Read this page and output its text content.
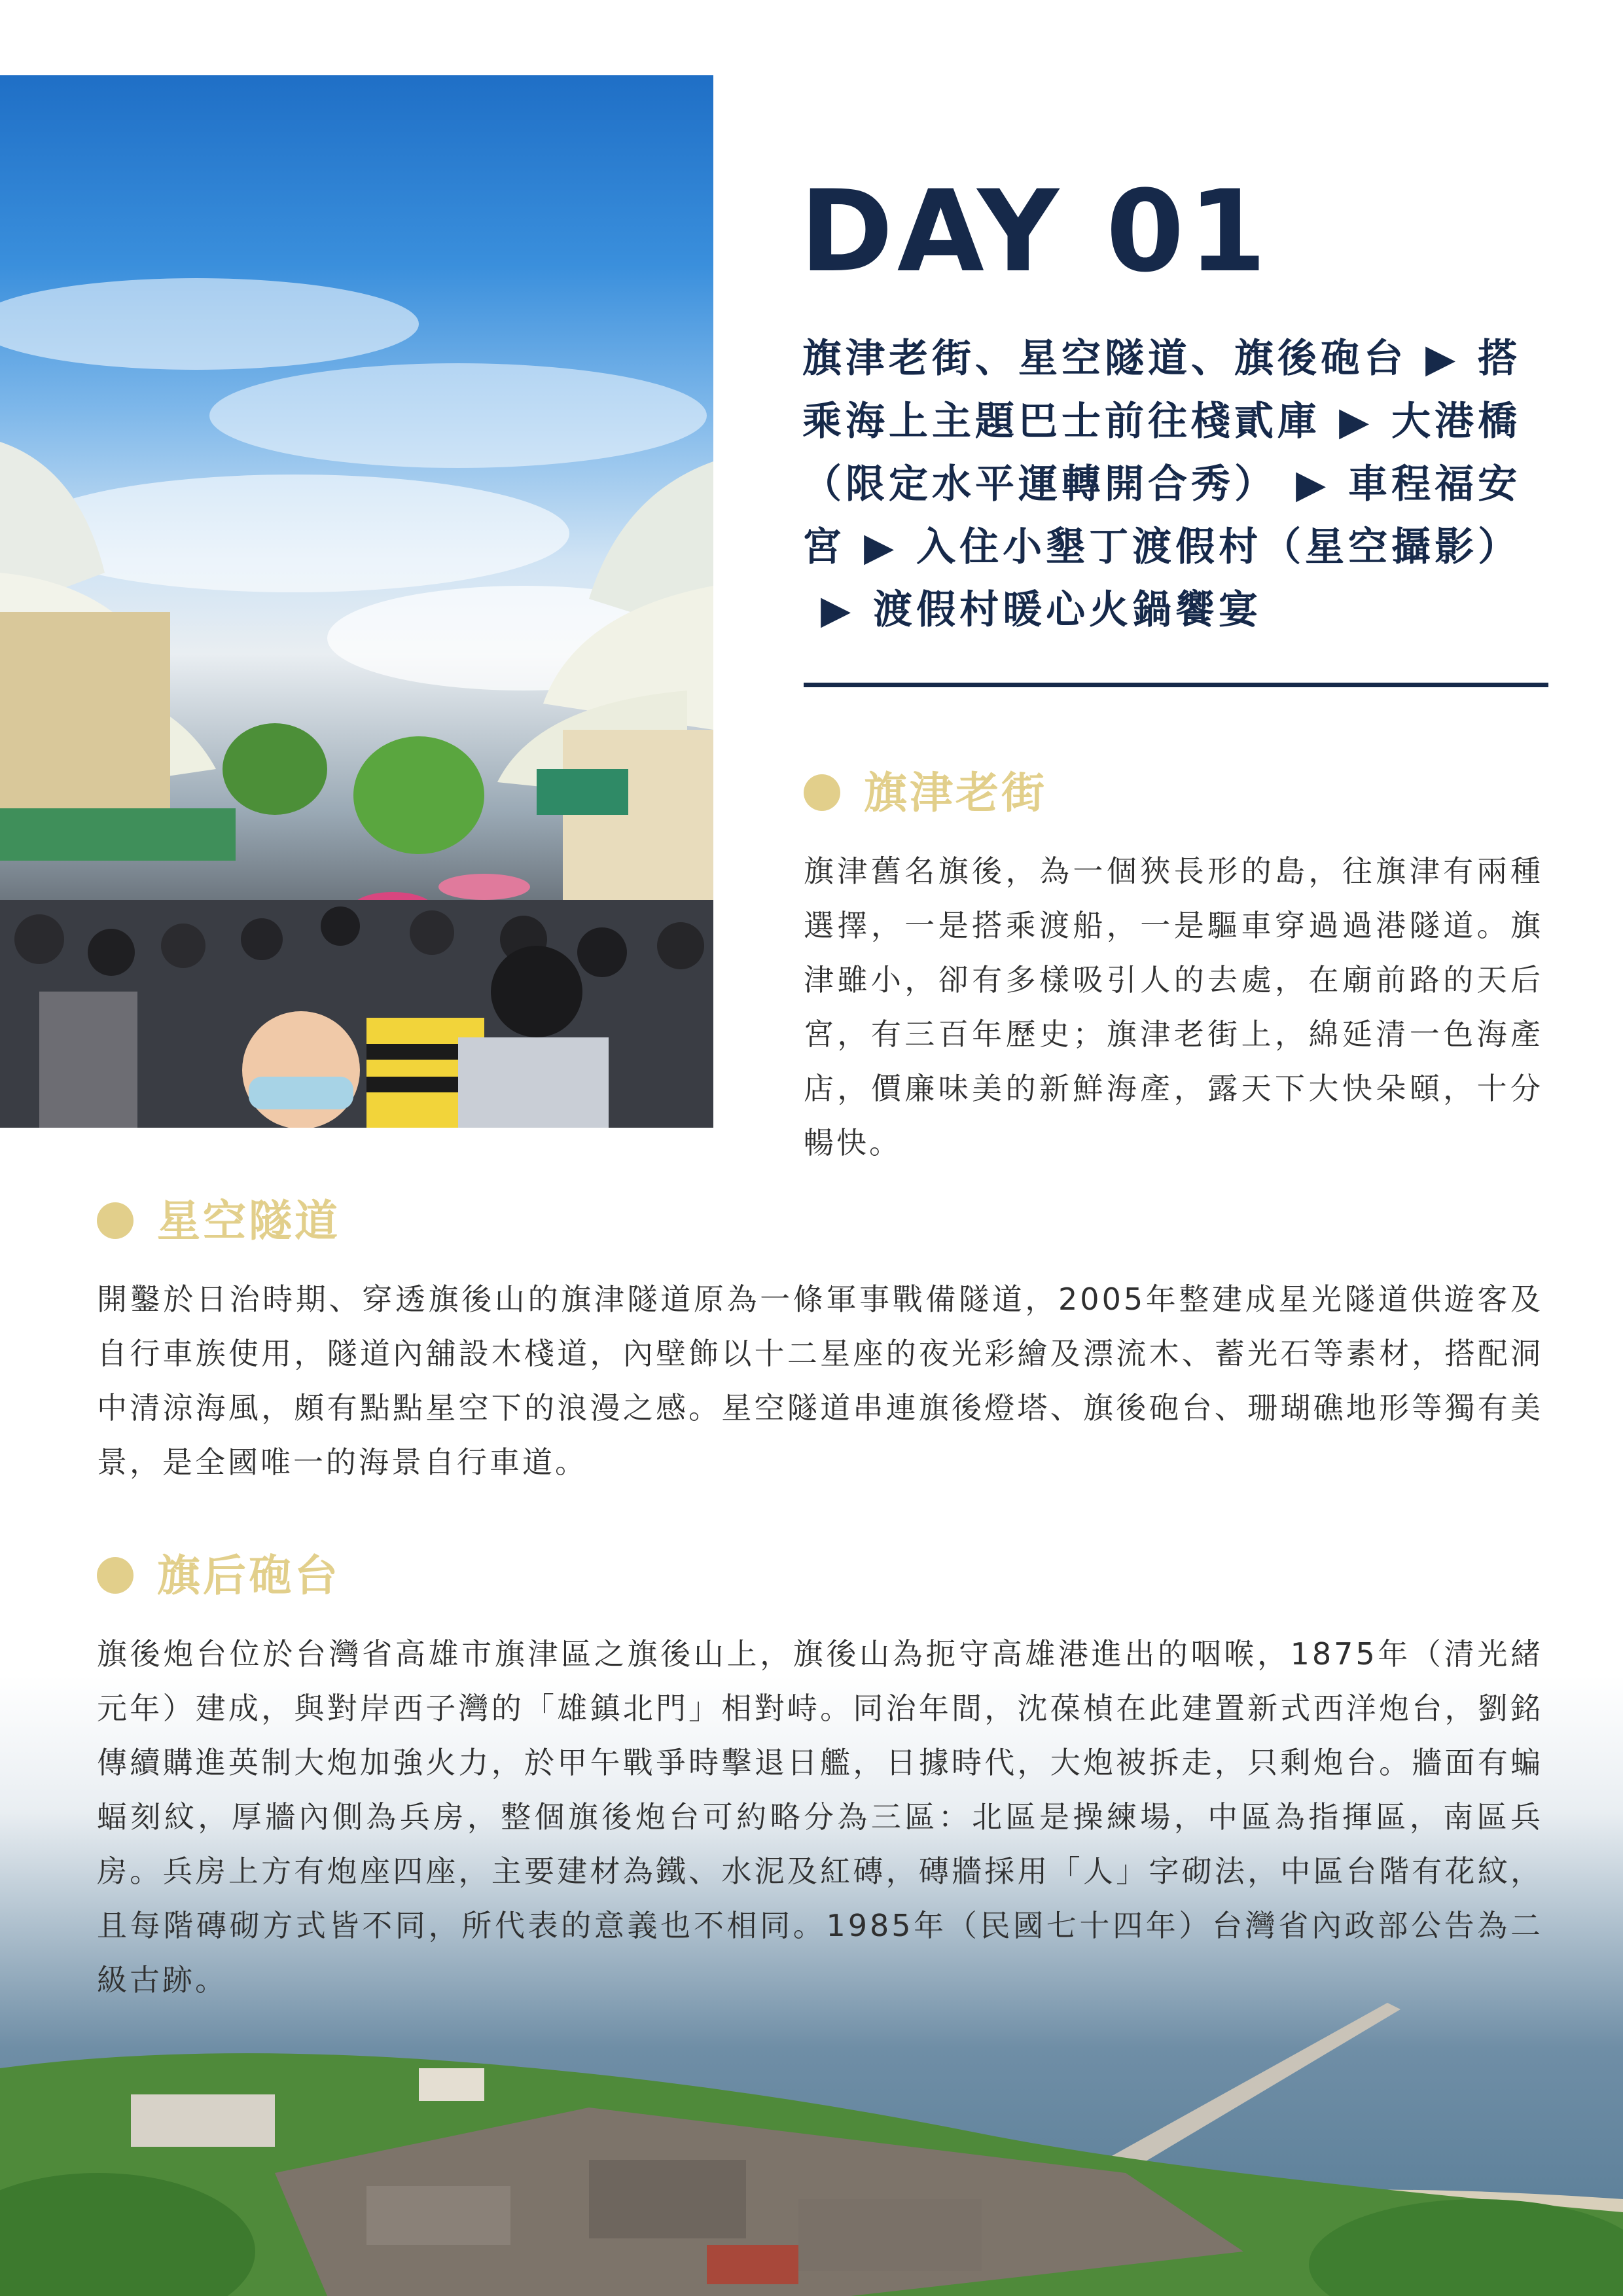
DAY 01

旗津老街、星空隧道、旗後砲台 ▶ 搭乘海上主題巴士前往棧貳庫 ▶ 大港橋（限定水平運轉開合秀） ▶ 車程福安宮 ▶ 入住小墾丁渡假村（星空攝影）▶ 渡假村暖心火鍋饗宴

旗津老街

旗津舊名旗後，為一個狹長形的島，往旗津有兩種選擇，一是搭乘渡船，一是驅車穿過過港隧道。旗津雖小，卻有多樣吸引人的去處，在廟前路的天后宮，有三百年歷史；旗津老街上，綿延清一色海產店，價廉味美的新鮮海產，露天下大快朵頤，十分暢快。

星空隧道

開鑿於日治時期、穿透旗後山的旗津隧道原為一條軍事戰備隧道，2005年整建成星光隧道供遊客及自行車族使用，隧道內舖設木棧道，內壁飾以十二星座的夜光彩繪及漂流木、蓄光石等素材，搭配洞中清涼海風，頗有點點星空下的浪漫之感。星空隧道串連旗後燈塔、旗後砲台、珊瑚礁地形等獨有美景，是全國唯一的海景自行車道。

旗后砲台

旗後炮台位於台灣省高雄市旗津區之旗後山上，旗後山為扼守高雄港進出的咽喉，1875年（清光緒元年）建成，與對岸西子灣的「雄鎮北門」相對峙。同治年間，沈葆楨在此建置新式西洋炮台，劉銘傳續購進英制大炮加強火力，於甲午戰爭時擊退日艦，日據時代，大炮被拆走，只剩炮台。牆面有蝙蝠刻紋，厚牆內側為兵房，整個旗後炮台可約略分為三區：北區是操練場，中區為指揮區，南區兵房。兵房上方有炮座四座，主要建材為鐵、水泥及紅磚，磚牆採用「人」字砌法，中區台階有花紋，且每階磚砌方式皆不同，所代表的意義也不相同。1985年（民國七十四年）台灣省內政部公告為二級古跡。
